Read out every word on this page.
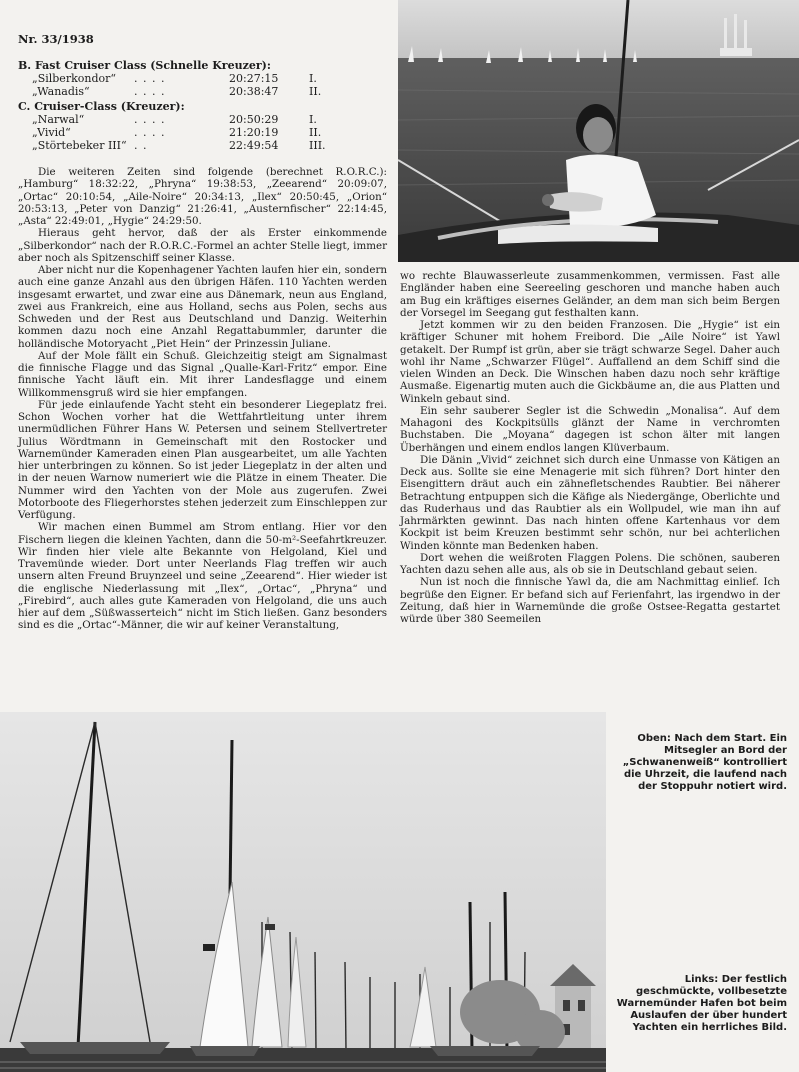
Nr. 33/1938
B. Fast Cruiser Class (Schnelle Kreuzer):
„Silberkondor“	. . . .	20:27:15	I.
„Wanadis“	. . . .	20:38:47	II.
C. Cruiser-Class (Kreuzer):
„Narwal“	. . . .	20:50:29	I.
„Vivid“	. . . .	21:20:19	II.
„Störtebeker III“ . .	22:49:54	III.

Die weiteren Zeiten sind folgende (berechnet R.O.R.C.): „Hamburg“ 18:32:22, „Phryna“ 19:38:53, „Zeearend“ 20:09:07, „Ortac“ 20:10:54, „Aile-Noire“ 20:34:13, „Ilex“ 20:50:45, „Orion“ 20:53:13, „Peter von Danzig“ 21:26:41, „Austernfischer“ 22:14:45, „Asta“ 22:49:01, „Hygie“ 24:29:50.

Hieraus geht hervor, daß der als Erster einkommende „Silberkondor“ nach der R.O.R.C.-Formel an achter Stelle liegt, immer aber noch als Spitzenschiff seiner Klasse.

Aber nicht nur die Kopenhagener Yachten laufen hier ein, sondern auch eine ganze Anzahl aus den übrigen Häfen. 110 Yachten werden insgesamt erwartet, und zwar eine aus Dänemark, neun aus England, zwei aus Frankreich, eine aus Holland, sechs aus Polen, sechs aus Schweden und der Rest aus Deutschland und Danzig. Weiterhin kommen dazu noch eine Anzahl Regattabummler, darunter die holländische Motoryacht „Piet Hein“ der Prinzessin Juliane.

Auf der Mole fällt ein Schuß. Gleichzeitig steigt am Signalmast die finnische Flagge und das Signal „Qualle-Karl-Fritz“ empor. Eine finnische Yacht läuft ein. Mit ihrer Landesflagge und einem Willkommensgruß wird sie hier empfangen.

Für jede einlaufende Yacht steht ein besonderer Liegeplatz frei. Schon Wochen vorher hat die Wettfahrtleitung unter ihrem unermüdlichen Führer Hans W. Petersen und seinem Stellvertreter Julius Wördtmann in Gemeinschaft mit den Rostocker und Warnemünder Kameraden einen Plan ausgearbeitet, um alle Yachten hier unterbringen zu können. So ist jeder Liegeplatz in der alten und in der neuen Warnow numeriert wie die Plätze in einem Theater. Die Nummer wird den Yachten von der Mole aus zugerufen. Zwei Motorboote des Fliegerhorstes stehen jederzeit zum Einschleppen zur Verfügung.

Wir machen einen Bummel am Strom entlang. Hier vor den Fischern liegen die kleinen Yachten, dann die 50-m²-Seefahrtkreuzer. Wir finden hier viele alte Bekannte von Helgoland, Kiel und Travemünde wieder. Dort unter Neerlands Flag treffen wir auch unsern alten Freund Bruynzeel und seine „Zeearend“. Hier wieder ist die englische Niederlassung mit „Ilex“, „Ortac“, „Phryna“ und „Firebird“, auch alles gute Kameraden von Helgoland, die uns auch hier auf dem „Süßwasserteich“ nicht im Stich ließen. Ganz besonders sind es die „Ortac“-Männer, die wir auf keiner Veranstaltung,

wo rechte Blauwasserleute zusammenkommen, vermissen. Fast alle Engländer haben eine Seereeling geschoren und manche haben auch am Bug ein kräftiges eisernes Geländer, an dem man sich beim Bergen der Vorsegel im Seegang gut festhalten kann.

Jetzt kommen wir zu den beiden Franzosen. Die „Hygie“ ist ein kräftiger Schuner mit hohem Freibord. Die „Aile Noire“ ist Yawl getakelt. Der Rumpf ist grün, aber sie trägt schwarze Segel. Daher auch wohl ihr Name „Schwarzer Flügel“. Auffallend an dem Schiff sind die vielen Winden an Deck. Die Winschen haben dazu noch sehr kräftige Ausmaße. Eigenartig muten auch die Gickbäume an, die aus Platten und Winkeln gebaut sind.

Ein sehr sauberer Segler ist die Schwedin „Monalisa“. Auf dem Mahagoni des Kockpitsülls glänzt der Name in verchromten Buchstaben. Die „Moyana“ dagegen ist schon älter mit langen Überhängen und einem endlos langen Klüverbaum.

Die Dänin „Vivid“ zeichnet sich durch eine Unmasse von Kätigen an Deck aus. Sollte sie eine Menagerie mit sich führen? Dort hinter den Eisengittern dräut auch ein zähnefletschendes Raubtier. Bei näherer Betrachtung entpuppen sich die Käfige als Niedergänge, Oberlichte und das Ruderhaus und das Raubtier als ein Wollpudel, wie man ihn auf Jahrmärkten gewinnt. Das nach hinten offene Kartenhaus vor dem Kockpit ist beim Kreuzen bestimmt sehr schön, nur bei achterlichen Winden könnte man Bedenken haben.

Dort wehen die weißroten Flaggen Polens. Die schönen, sauberen Yachten dazu sehen alle aus, als ob sie in Deutschland gebaut seien.

Nun ist noch die finnische Yawl da, die am Nachmittag einlief. Ich begrüße den Eigner. Er befand sich auf Ferienfahrt, las irgendwo in der Zeitung, daß hier in Warnemünde die große Ostsee-Regatta gestartet würde über 380 Seemeilen

Oben: Nach dem Start. Ein Mitsegler an Bord der „Schwanenweiß“ kontrolliert die Uhrzeit, die laufend nach der Stoppuhr notiert wird.
Links: Der festlich geschmückte, vollbesetzte Warnemünder Hafen bot beim Auslaufen der über hundert Yachten ein herrliches Bild.
